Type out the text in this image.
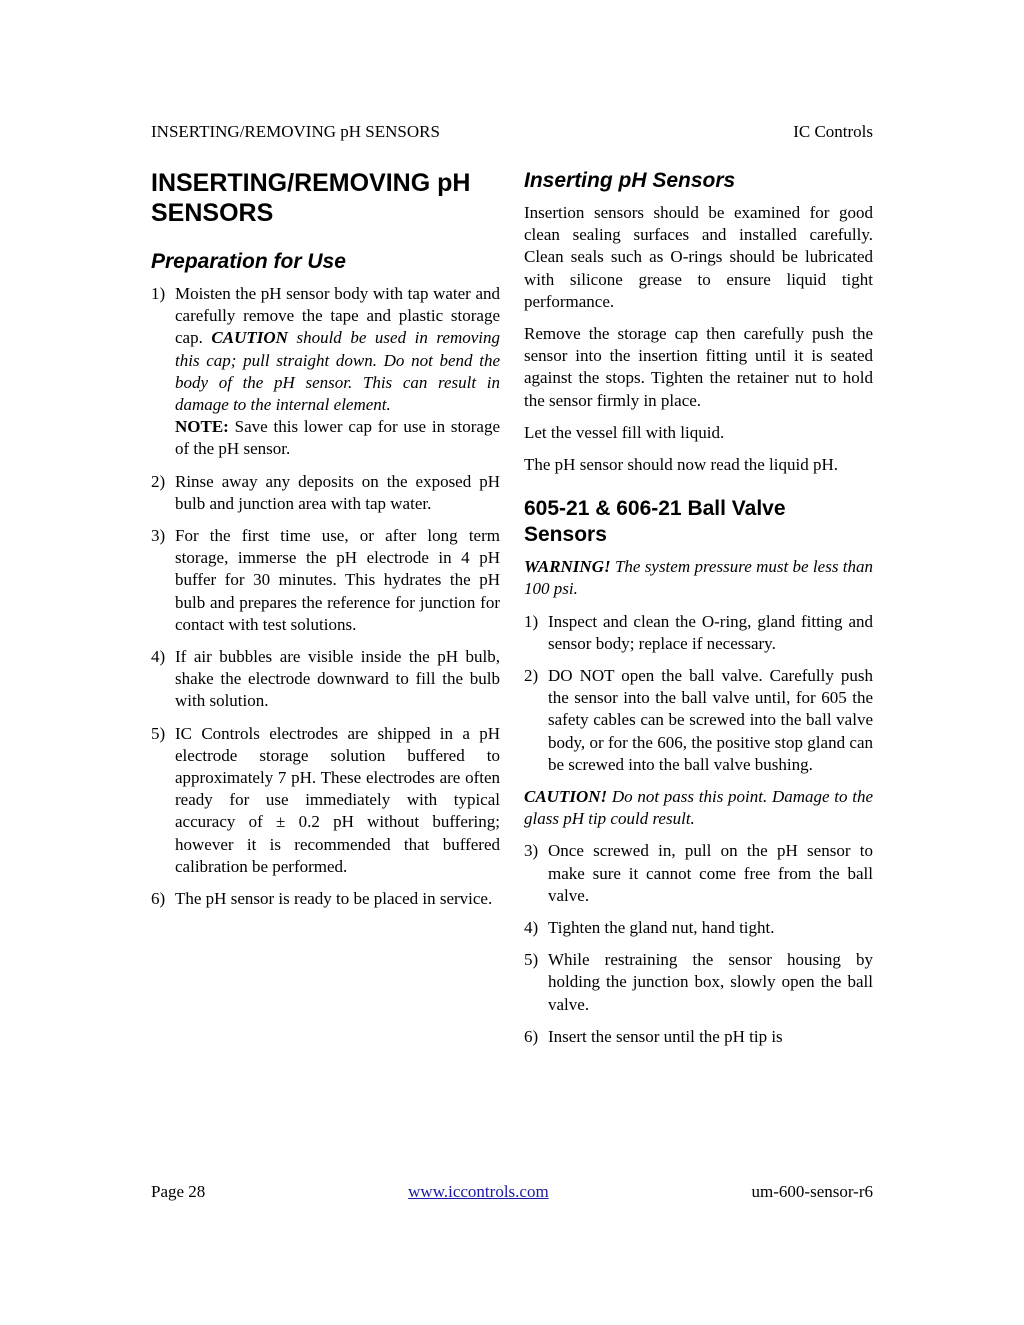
INSERTING/REMOVING pH SENSORS	IC Controls
INSERTING/REMOVING pH SENSORS
Preparation for Use
1) Moisten the pH sensor body with tap water and carefully remove the tape and plastic storage cap. CAUTION should be used in removing this cap; pull straight down. Do not bend the body of the pH sensor. This can result in damage to the internal element.
NOTE: Save this lower cap for use in storage of the pH sensor.
2) Rinse away any deposits on the exposed pH bulb and junction area with tap water.
3) For the first time use, or after long term storage, immerse the pH electrode in 4 pH buffer for 30 minutes. This hydrates the pH bulb and prepares the reference for junction for contact with test solutions.
4) If air bubbles are visible inside the pH bulb, shake the electrode downward to fill the bulb with solution.
5) IC Controls electrodes are shipped in a pH electrode storage solution buffered to approximately 7 pH. These electrodes are often ready for use immediately with typical accuracy of ± 0.2 pH without buffering; however it is recommended that buffered calibration be performed.
6) The pH sensor is ready to be placed in service.
Inserting pH Sensors

Insertion sensors should be examined for good clean sealing surfaces and installed carefully. Clean seals such as O-rings should be lubricated with silicone grease to ensure liquid tight performance.

Remove the storage cap then carefully push the sensor into the insertion fitting until it is seated against the stops. Tighten the retainer nut to hold the sensor firmly in place.

Let the vessel fill with liquid.

The pH sensor should now read the liquid pH.

605-21 & 606-21 Ball Valve Sensors

WARNING! The system pressure must be less than 100 psi.

1) Inspect and clean the O-ring, gland fitting and sensor body; replace if necessary.
2) DO NOT open the ball valve. Carefully push the sensor into the ball valve until, for 605 the safety cables can be screwed into the ball valve body, or for the 606, the positive stop gland can be screwed into the ball valve bushing.

CAUTION! Do not pass this point. Damage to the glass pH tip could result.

3) Once screwed in, pull on the pH sensor to make sure it cannot come free from the ball valve.
4) Tighten the gland nut, hand tight.
5) While restraining the sensor housing by holding the junction box, slowly open the ball valve.
6) Insert the sensor until the pH tip is
Page 28	www.iccontrols.com	um-600-sensor-r6
